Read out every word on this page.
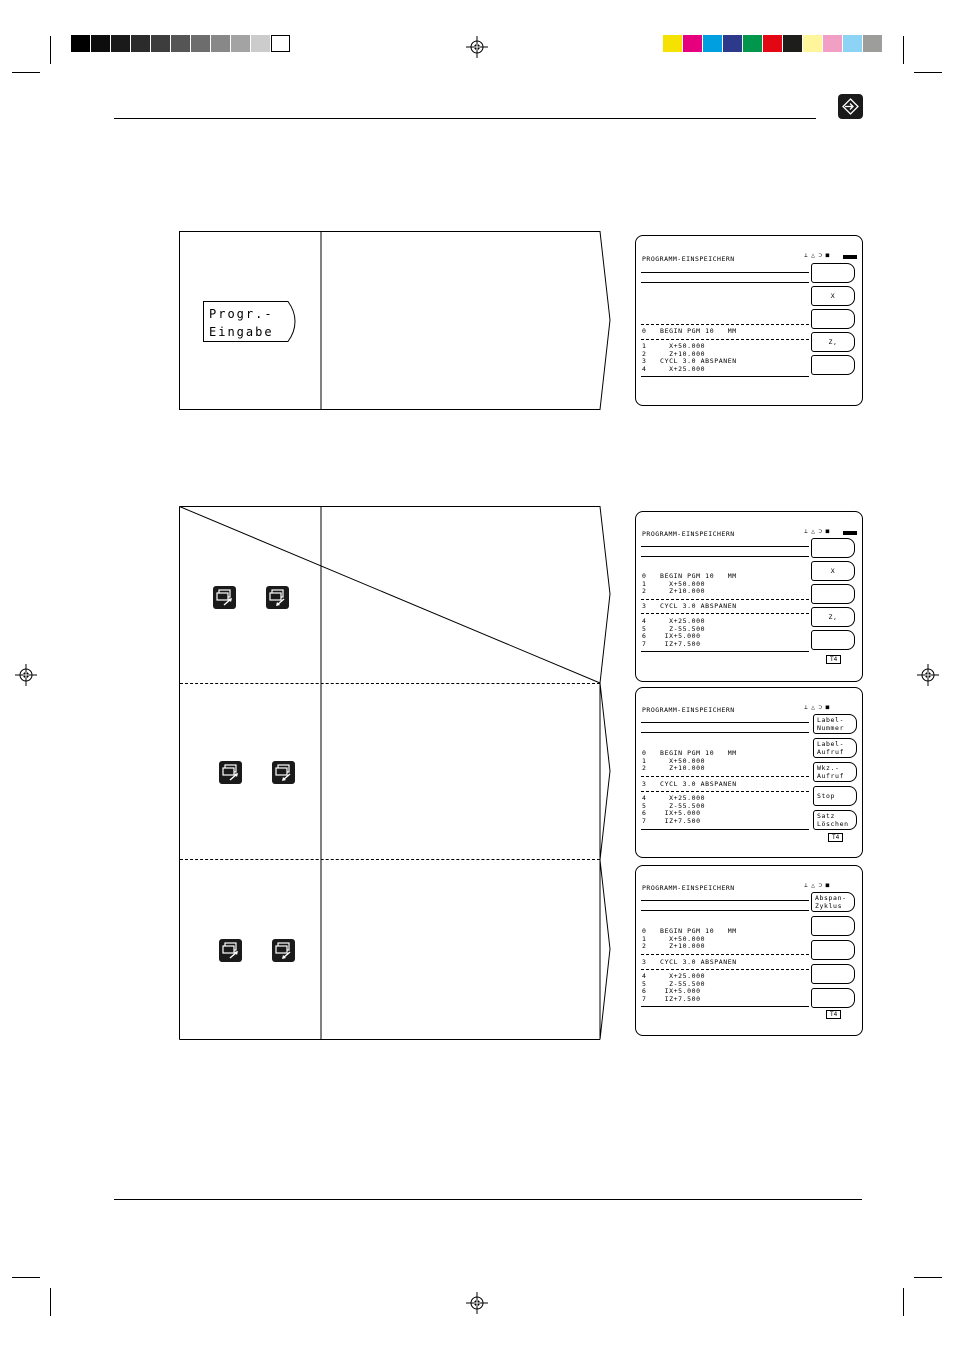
Progr.-
Eingabe
PROGRAMM-EINSPEICHERN	⊥ △ ⊃ ■
0   BEGIN PGM 10   MM
1     X+50.000
2     Z+10.000
3   CYCL 3.0 ABSPANEN
4     X+25.000
X
Z,
PROGRAMM-EINSPEICHERN	⊥ △ ⊃ ■
0   BEGIN PGM 10   MM
1     X+50.000
2     Z+10.000
3   CYCL 3.0 ABSPANEN
4     X+25.000
5     Z-55.500
6    IX+5.000
7    IZ+7.500
X
Z,
T4
PROGRAMM-EINSPEICHERN	⊥ △ ⊃ ■
0   BEGIN PGM 10   MM
1     X+50.000
2     Z+10.000
3   CYCL 3.0 ABSPANEN
4     X+25.000
5     Z-55.500
6    IX+5.000
7    IZ+7.500
Label-
Nummer
Label-
Aufruf
Wkz.-
Aufruf
Stop
Satz
Löschen
T4
PROGRAMM-EINSPEICHERN	⊥ △ ⊃ ■
0   BEGIN PGM 10   MM
1     X+50.000
2     Z+10.000
3   CYCL 3.0 ABSPANEN
4     X+25.000
5     Z-55.500
6    IX+5.000
7    IZ+7.500
Abspan-
Zyklus
T4
